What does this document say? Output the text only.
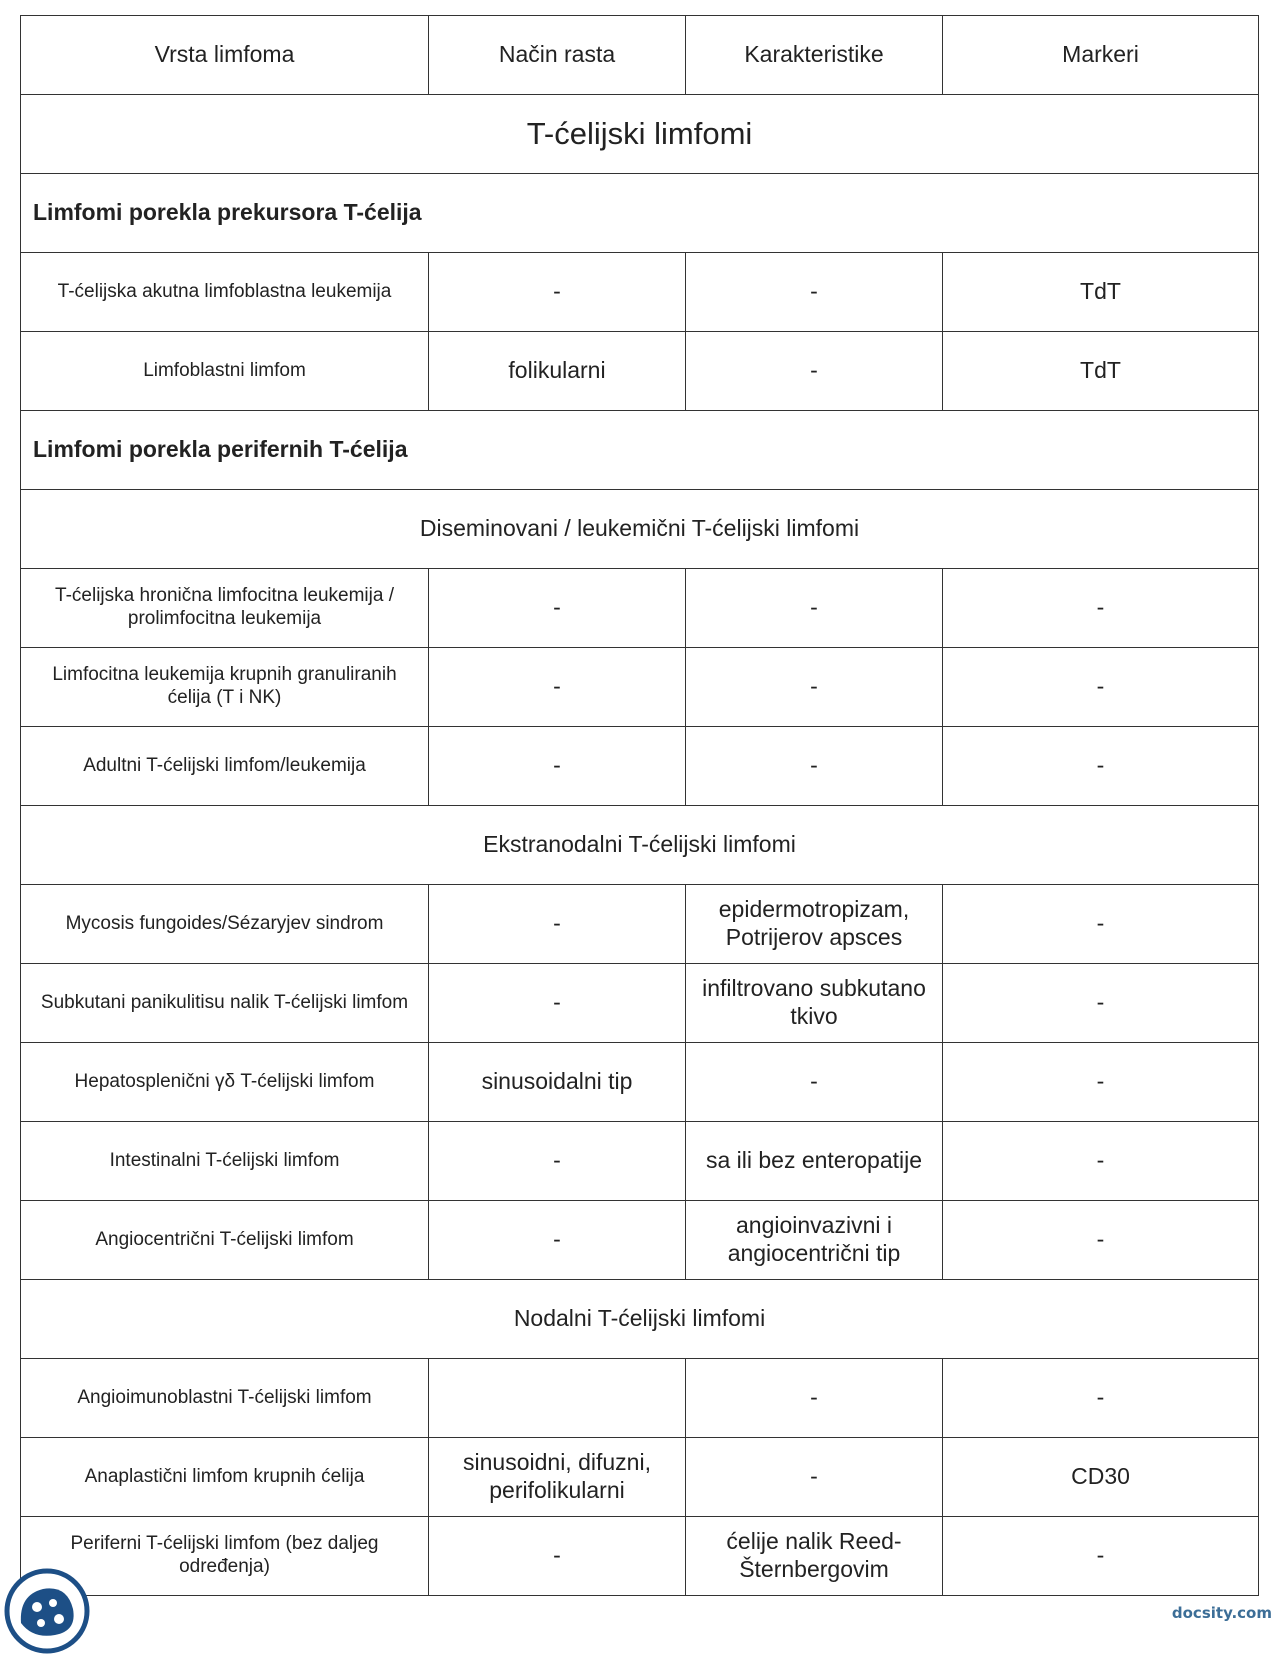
Vrsta limfoma	Način rasta	Karakteristike	Markeri
T-ćelijski limfomi			
Limfomi porekla prekursora T-ćelija			
T-ćelijska akutna limfoblastna leukemija	-	-	TdT
Limfoblastni limfom	folikularni	-	TdT
Limfomi porekla perifernih T-ćelija			
Diseminovani / leukemični T-ćelijski limfomi			
T-ćelijska hronična limfocitna leukemija / prolimfocitna leukemija	-	-	-
Limfocitna leukemija krupnih granuliranih ćelija (T i NK)	-	-	-
Adultni T-ćelijski limfom/leukemija	-	-	-
Ekstranodalni T-ćelijski limfomi			
Mycosis fungoides/Sézaryjev sindrom	-	epidermotropizam, Potrijerov apsces	-
Subkutani panikulitisu nalik T-ćelijski limfom	-	infiltrovano subkutano tkivo	-
Hepatosplenični γδ T-ćelijski limfom	sinusoidalni tip	-	-
Intestinalni T-ćelijski limfom	-	sa ili bez enteropatije	-
Angiocentrični T-ćelijski limfom	-	angioinvazivni i angiocentrični tip	-
Nodalni T-ćelijski limfomi			
Angioimunoblastni T-ćelijski limfom		-	-
Anaplastični limfom krupnih ćelija	sinusoidni, difuzni, perifolikularni	-	CD30
Periferni T-ćelijski limfom (bez daljeg određenja)	-	ćelije nalik Reed-Šternbergovim	-
docsity.com
